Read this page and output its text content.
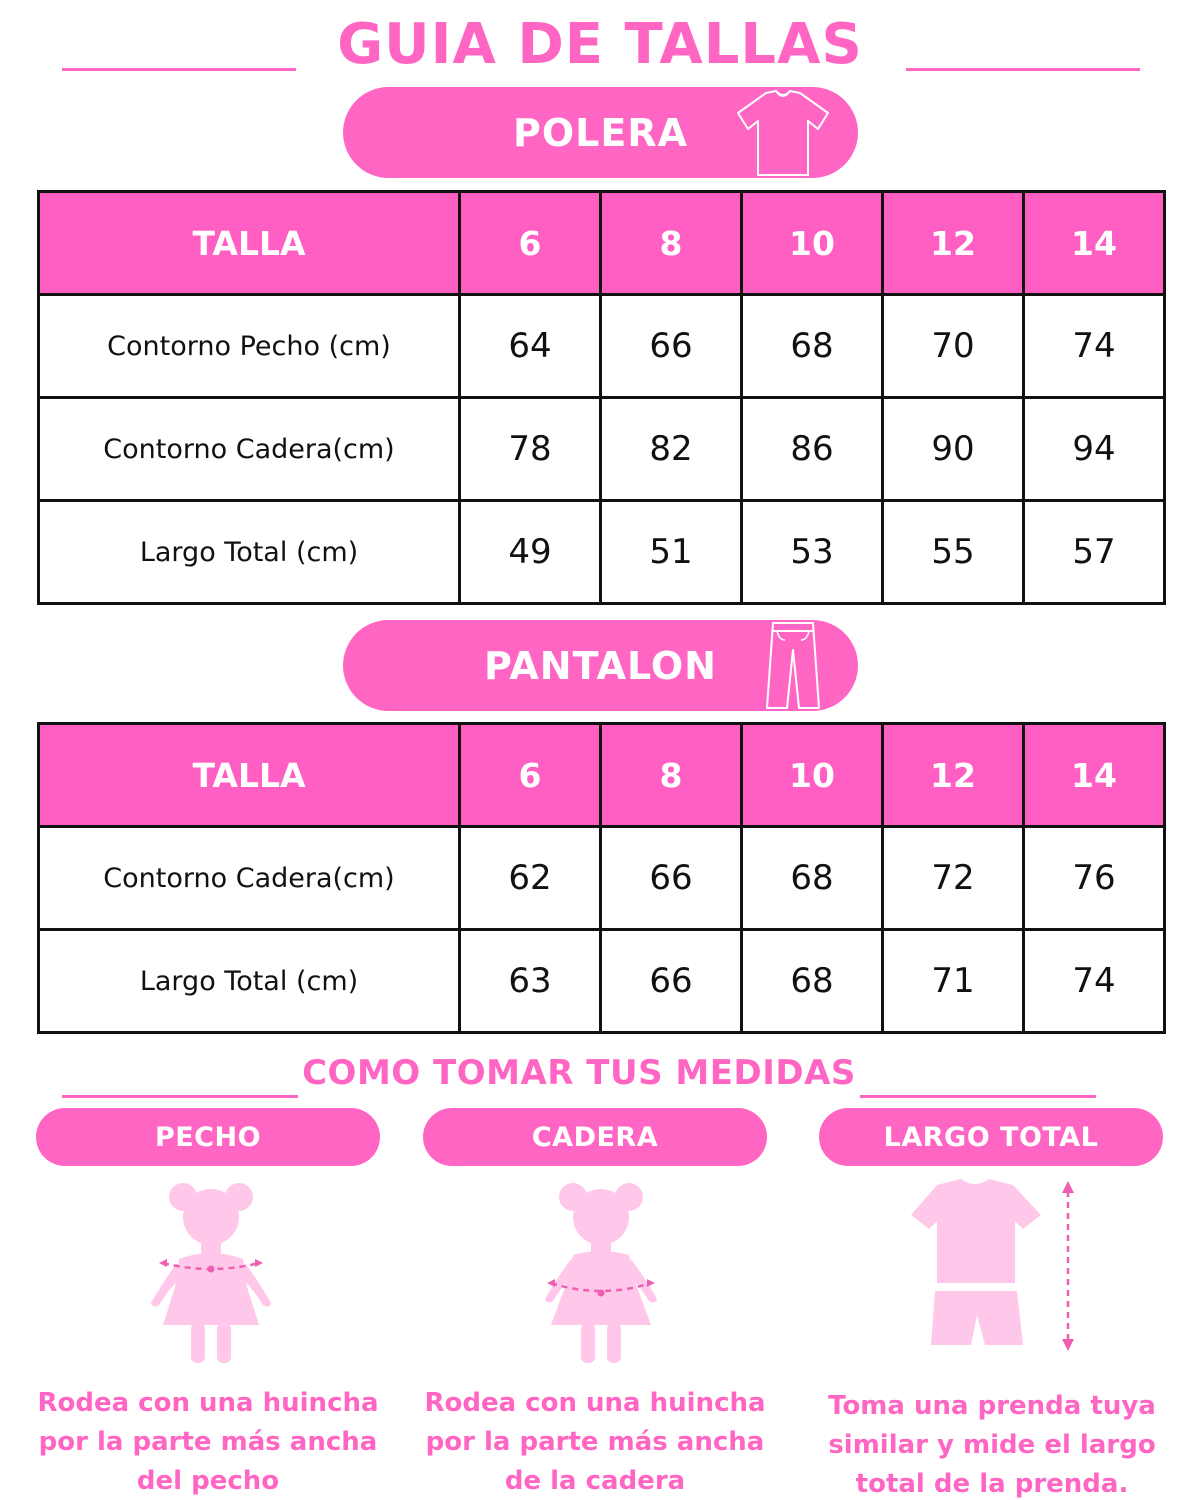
GUIA DE TALLAS
POLERA
TALLA	6	8	10	12	14
Contorno Pecho (cm)	64	66	68	70	74
Contorno Cadera(cm)	78	82	86	90	94
Largo Total (cm)	49	51	53	55	57
PANTALON
TALLA	6	8	10	12	14
Contorno Cadera(cm)	62	66	68	72	76
Largo Total (cm)	63	66	68	71	74
COMO TOMAR TUS MEDIDAS
PECHO	CADERA	LARGO TOTAL
Rodea con una huincha
por la parte más ancha
del pecho
Rodea con una huincha
por la parte más ancha
de la cadera
Toma una prenda tuya
similar y mide el largo
total de la prenda.
